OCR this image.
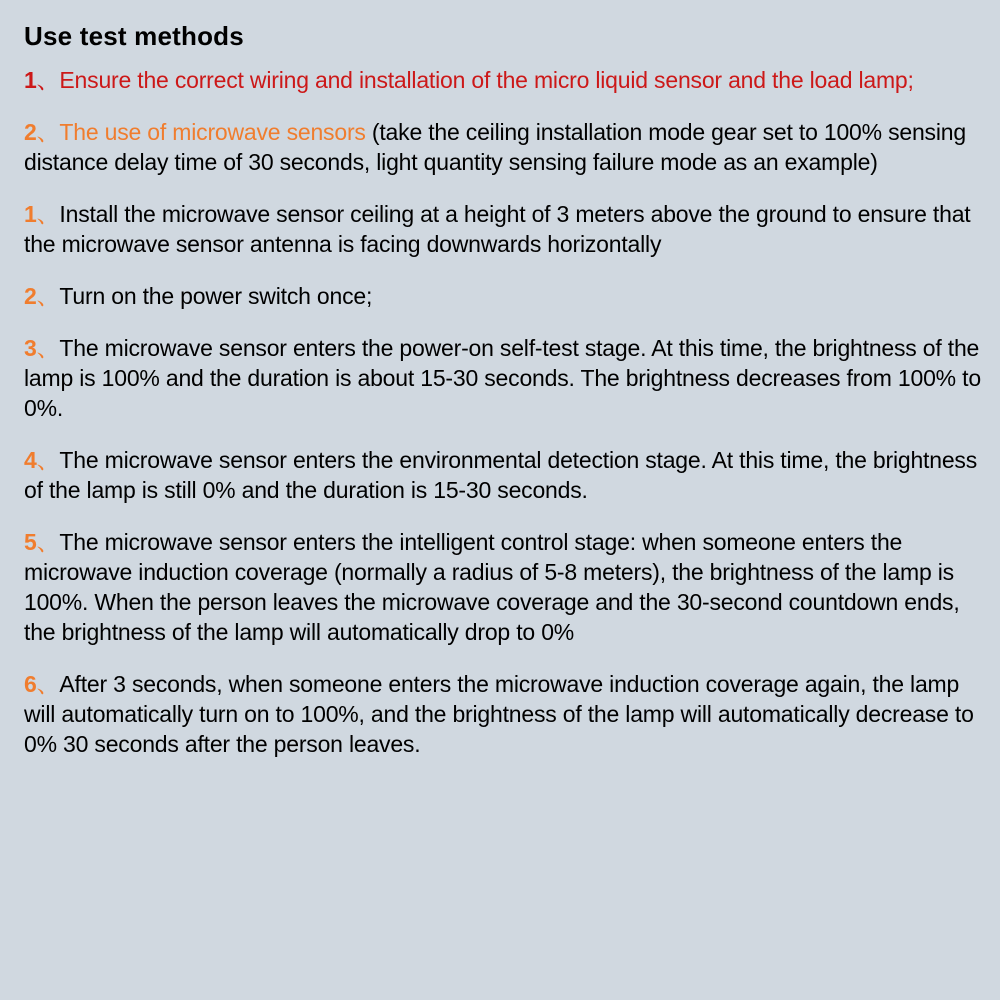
Use test methods
1、Ensure the correct wiring and installation of the micro liquid sensor and the load lamp;
2、The use of microwave sensors (take the ceiling installation mode gear set to 100% sensing distance delay time of 30 seconds, light quantity sensing failure mode as an example)
1、Install the microwave sensor ceiling at a height of 3 meters above the ground to ensure that the microwave sensor antenna is facing downwards horizontally
2、Turn on the power switch once;
3、The microwave sensor enters the power-on self-test stage. At this time, the brightness of the lamp is 100% and the duration is about 15-30 seconds. The brightness decreases from 100% to 0%.
4、The microwave sensor enters the environmental detection stage. At this time, the brightness of the lamp is still 0% and the duration is 15-30 seconds.
5、The microwave sensor enters the intelligent control stage: when someone enters the microwave induction coverage (normally a radius of 5-8 meters), the brightness of the lamp is 100%. When the person leaves the microwave coverage and the 30-second countdown ends, the brightness of the lamp will automatically drop to 0%
6、After 3 seconds, when someone enters the microwave induction coverage again, the lamp will automatically turn on to 100%, and the brightness of the lamp will automatically decrease to 0% 30 seconds after the person leaves.
